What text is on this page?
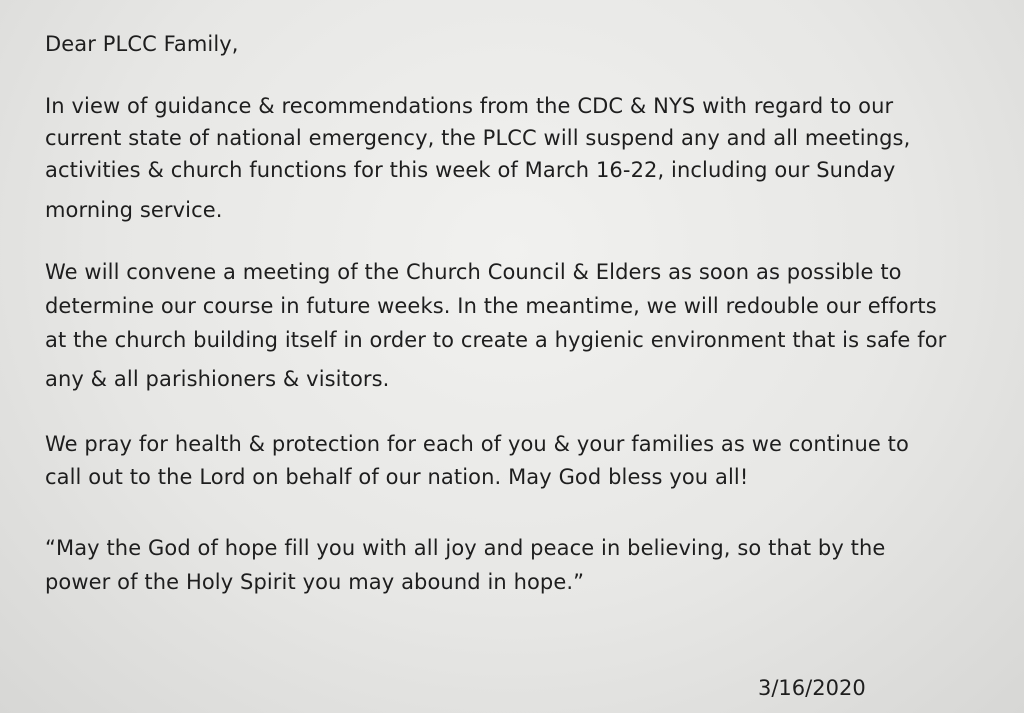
Dear PLCC Family,

In view of guidance & recommendations from the CDC & NYS with regard to our

current state of national emergency, the PLCC will suspend any and all meetings,

activities & church functions for this week of March 16-22, including our Sunday

morning service.

We will convene a meeting of the Church Council & Elders as soon as possible to

determine our course in future weeks. In the meantime, we will redouble our efforts

at the church building itself in order to create a hygienic environment that is safe for

any & all parishioners & visitors.

We pray for health & protection for each of you & your families as we continue to

call out to the Lord on behalf of our nation. May God bless you all!

“May the God of hope fill you with all joy and peace in believing, so that by the

power of the Holy Spirit you may abound in hope.”

3/16/2020
